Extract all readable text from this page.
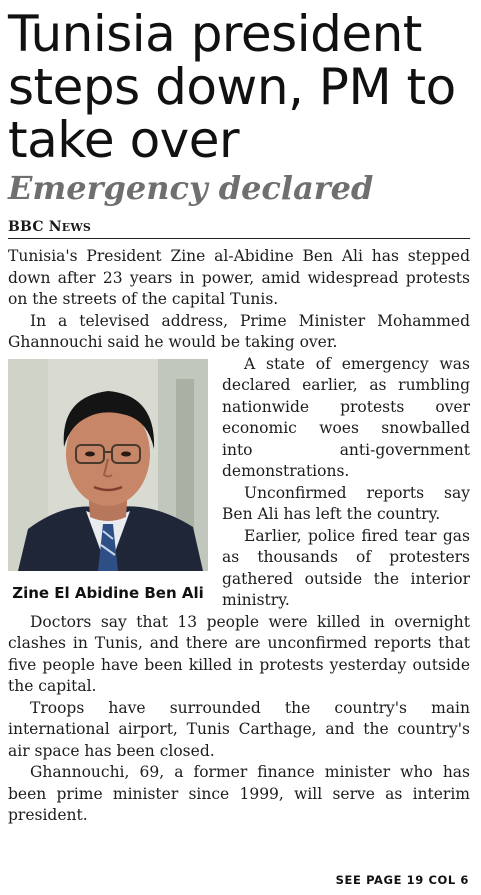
Tunisia president steps down, PM to take over
Emergency declared
BBC NEWS

Tunisia's President Zine al-Abidine Ben Ali has stepped down after 23 years in power, amid widespread protests on the streets of the capital Tunis.

In a televised address, Prime Minister Mohammed Ghannouchi said he would be taking over.

Zine El Abidine Ben Ali

A state of emergency was declared earlier, as rumbling nationwide protests over economic woes snowballed into anti-government demonstrations.

Unconfirmed reports say Ben Ali has left the country.

Earlier, police fired tear gas as thousands of protesters gathered outside the interior ministry.

Doctors say that 13 people were killed in overnight clashes in Tunis, and there are unconfirmed reports that five people have been killed in protests yesterday outside the capital.

Troops have surrounded the country's main international airport, Tunis Carthage, and the country's air space has been closed.

Ghannouchi, 69, a former finance minister who has been prime minister since 1999, will serve as interim president.

SEE PAGE 19 COL 6
